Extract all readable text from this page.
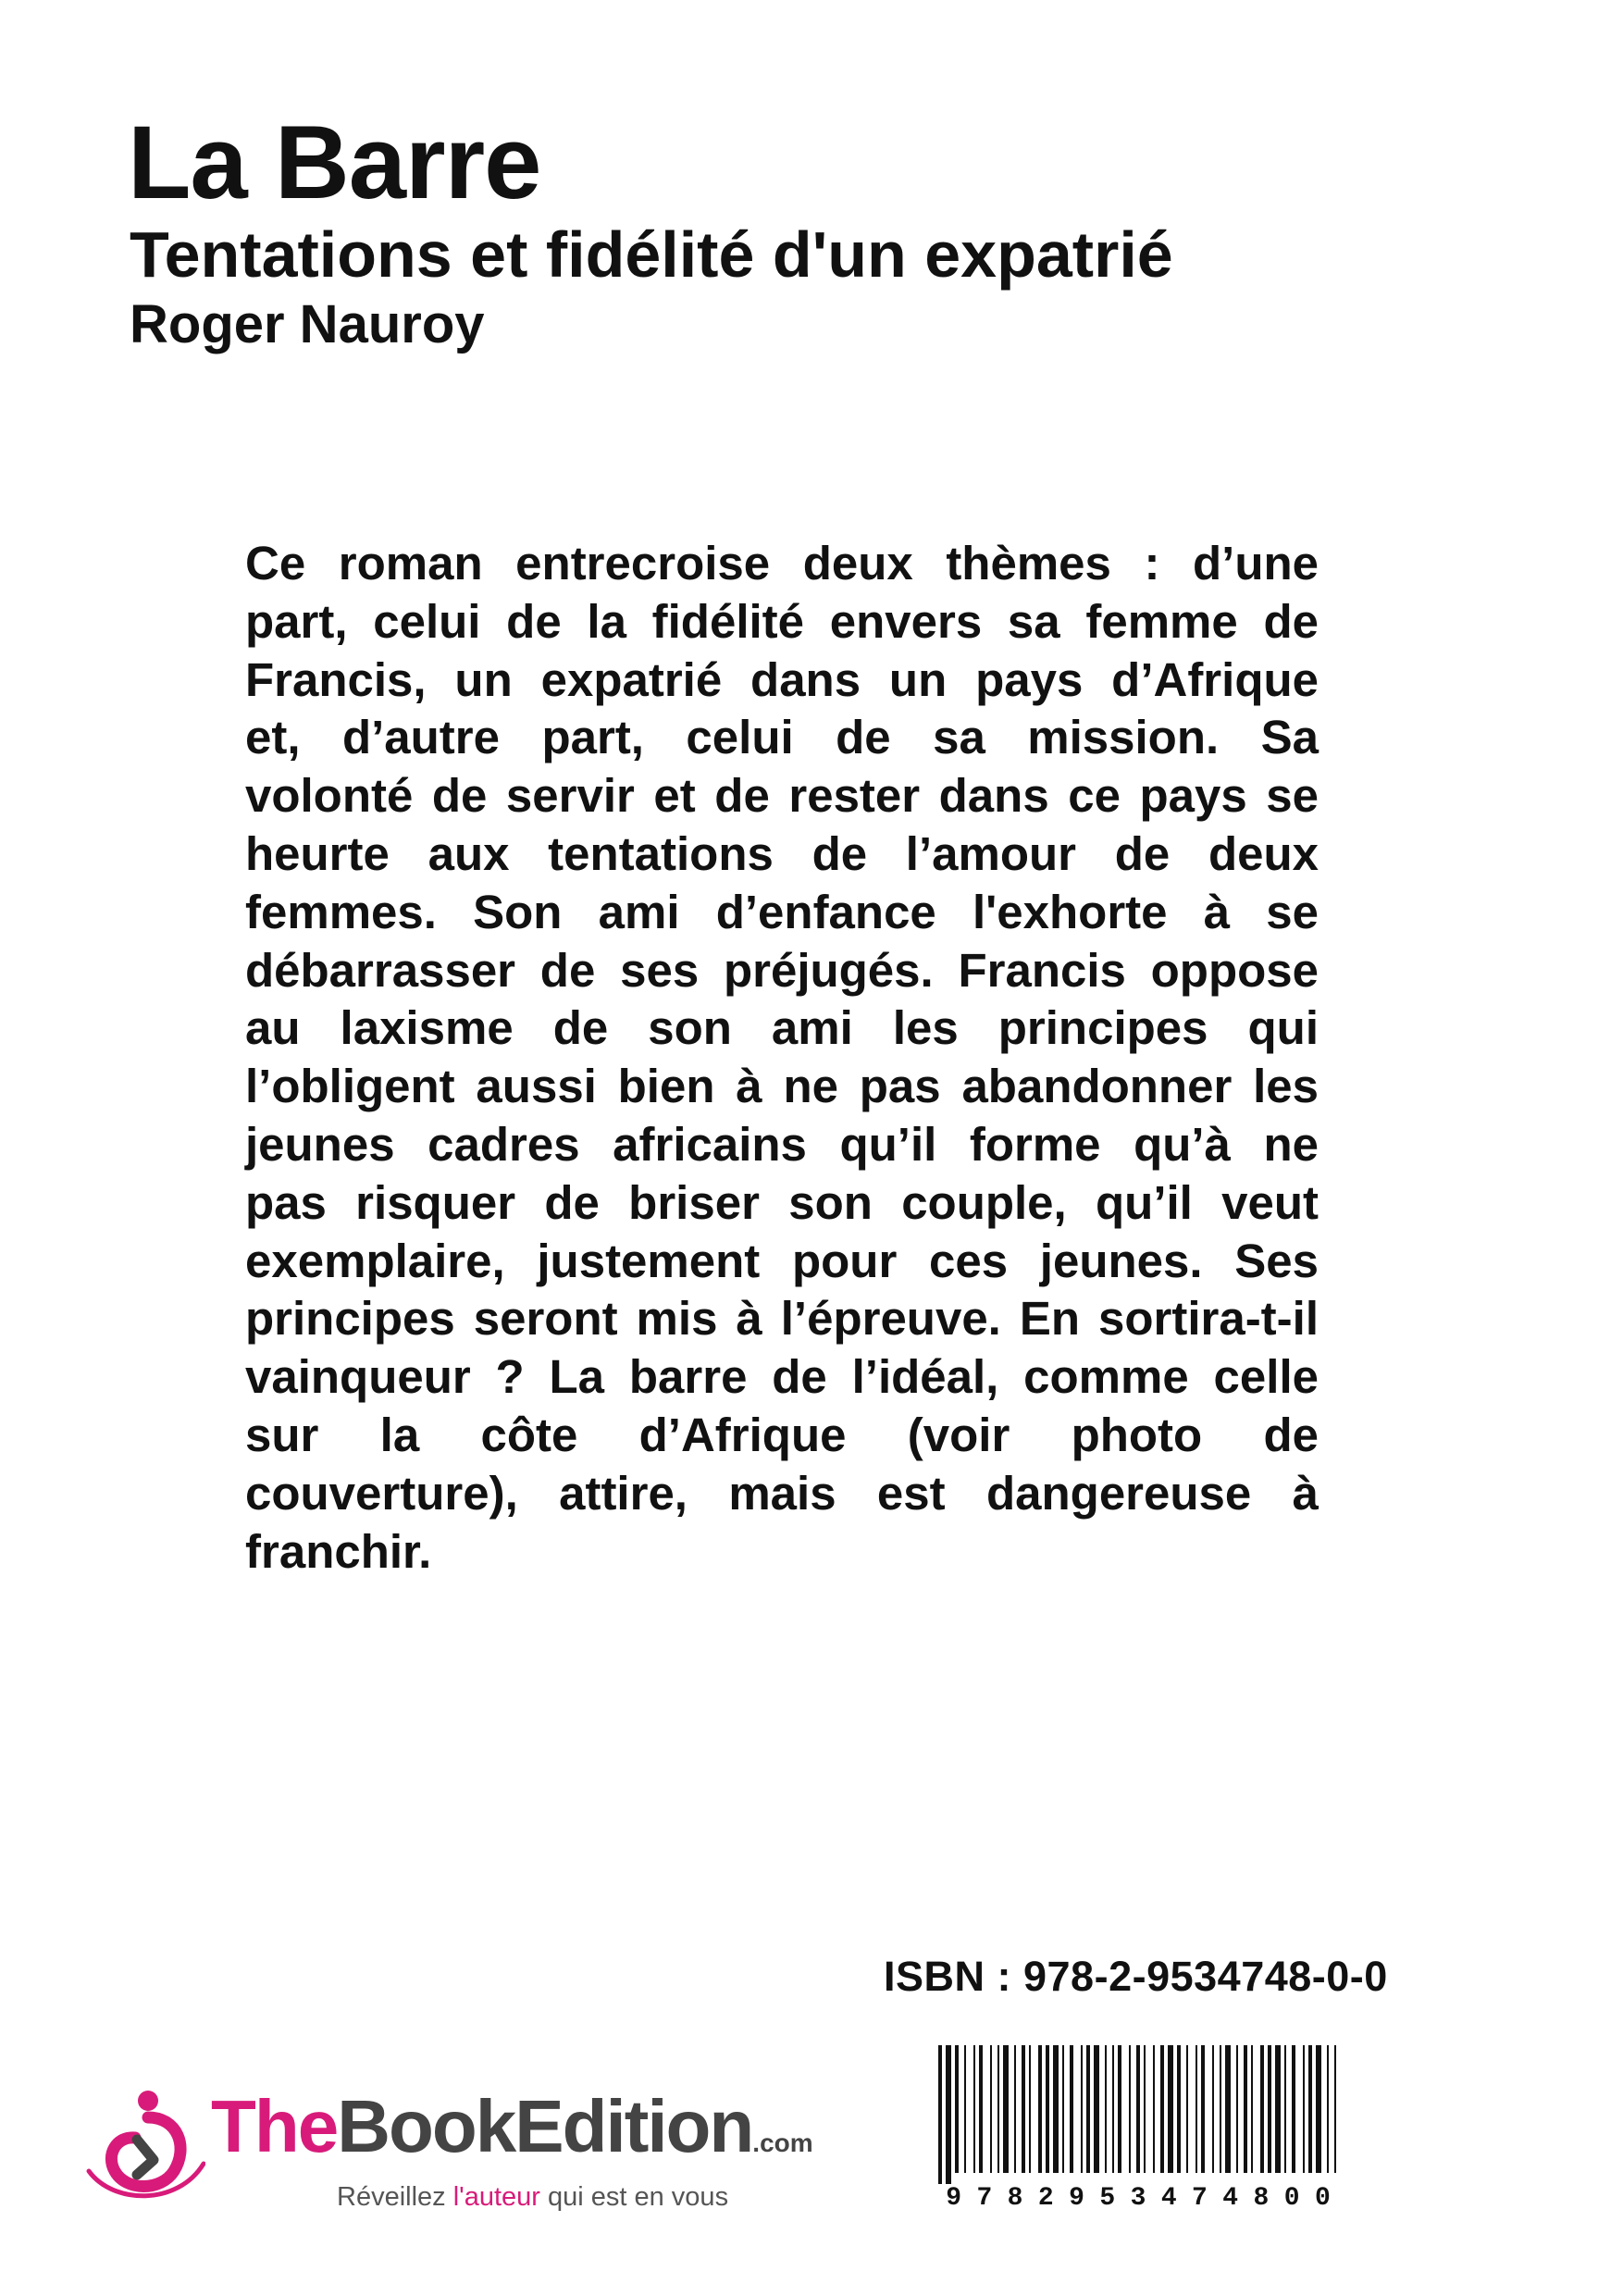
La Barre
Tentations et fidélité d'un expatrié
Roger Nauroy

Ce roman entrecroise deux thèmes : d’une part, celui de la fidélité envers sa femme de Francis, un expatrié dans un pays d’Afrique et, d’autre part, celui de sa mission. Sa volonté de servir et de rester dans ce pays se heurte aux tentations de l’amour de deux femmes. Son ami d’enfance l'exhorte à se débarrasser de ses préjugés. Francis oppose au laxisme de son ami les principes qui l’obligent aussi bien à ne pas abandonner les jeunes cadres africains qu’il forme qu’à ne pas risquer de briser son couple, qu’il veut exemplaire, justement pour ces jeunes. Ses principes seront mis à l’épreuve. En sortira-t-il vainqueur ? La barre de l’idéal, comme celle sur la côte d’Afrique (voir photo de couverture), attire, mais est dangereuse à franchir.

ISBN : 978-2-9534748-0-0
9 7 8 2 9 5 3 4 7 4 8 0 0
TheBookEdition.com
Réveillez l'auteur qui est en vous
